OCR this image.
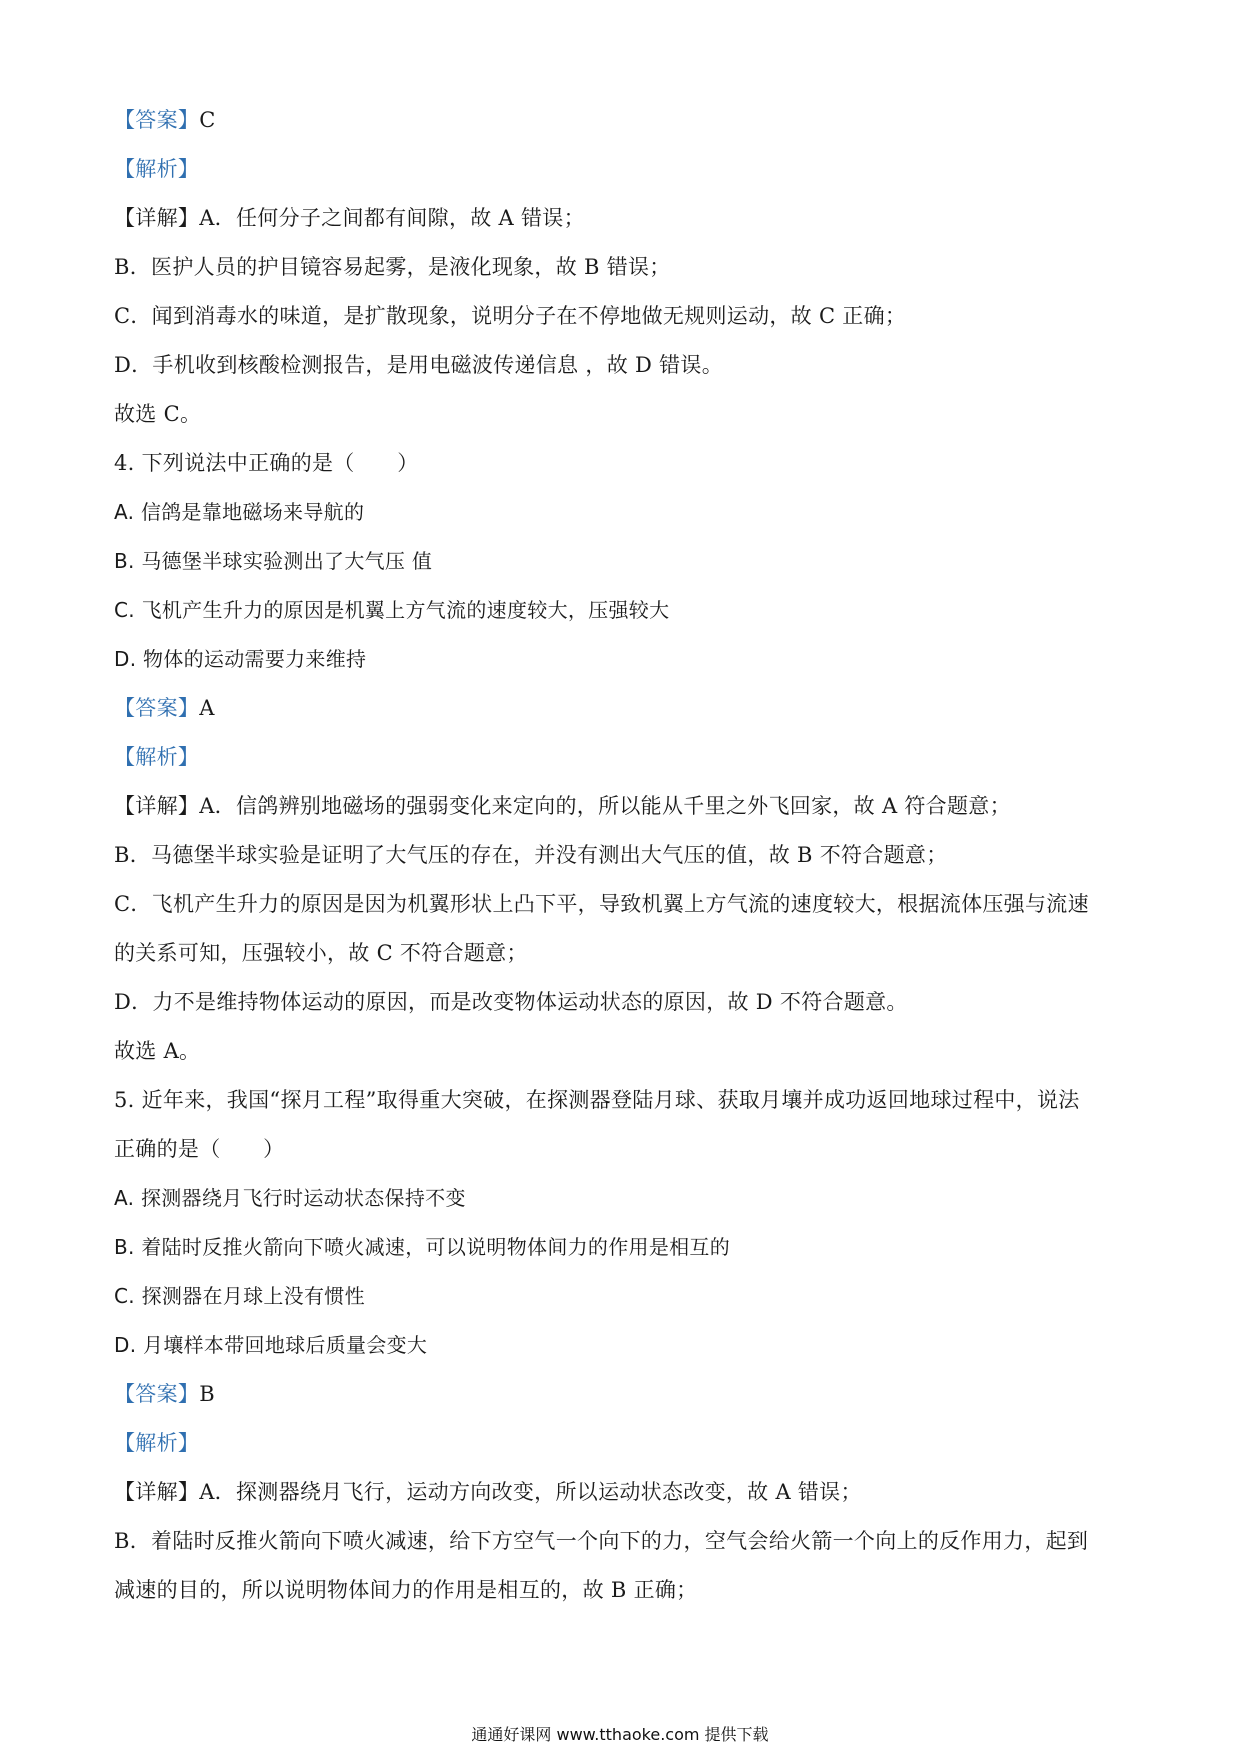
【答案】C
【解析】
【详解】A．任何分子之间都有间隙，故 A 错误；
B．医护人员的护目镜容易起雾，是液化现象，故 B 错误；
C．闻到消毒水的味道，是扩散现象，说明分子在不停地做无规则运动，故 C 正确；
D．手机收到核酸检测报告，是用电磁波传递信息 ，故 D 错误。
故选 C。
4. 下列说法中正确的是（　　）
A. 信鸽是靠地磁场来导航的
B. 马德堡半球实验测出了大气压 值
C. 飞机产生升力的原因是机翼上方气流的速度较大，压强较大
D. 物体的运动需要力来维持
【答案】A
【解析】
【详解】A．信鸽辨别地磁场的强弱变化来定向的，所以能从千里之外飞回家，故 A 符合题意；
B．马德堡半球实验是证明了大气压的存在，并没有测出大气压的值，故 B 不符合题意；
C．飞机产生升力的原因是因为机翼形状上凸下平，导致机翼上方气流的速度较大，根据流体压强与流速
的关系可知，压强较小，故 C 不符合题意；
D．力不是维持物体运动的原因，而是改变物体运动状态的原因，故 D 不符合题意。
故选 A。
5. 近年来，我国“探月工程”取得重大突破，在探测器登陆月球、获取月壤并成功返回地球过程中，说法
正确的是（　　）
A. 探测器绕月飞行时运动状态保持不变
B. 着陆时反推火箭向下喷火减速，可以说明物体间力的作用是相互的
C. 探测器在月球上没有惯性
D. 月壤样本带回地球后质量会变大
【答案】B
【解析】
【详解】A．探测器绕月飞行，运动方向改变，所以运动状态改变，故 A 错误；
B．着陆时反推火箭向下喷火减速，给下方空气一个向下的力，空气会给火箭一个向上的反作用力，起到
减速的目的，所以说明物体间力的作用是相互的，故 B 正确；
通通好课网 www.tthaoke.com 提供下载
